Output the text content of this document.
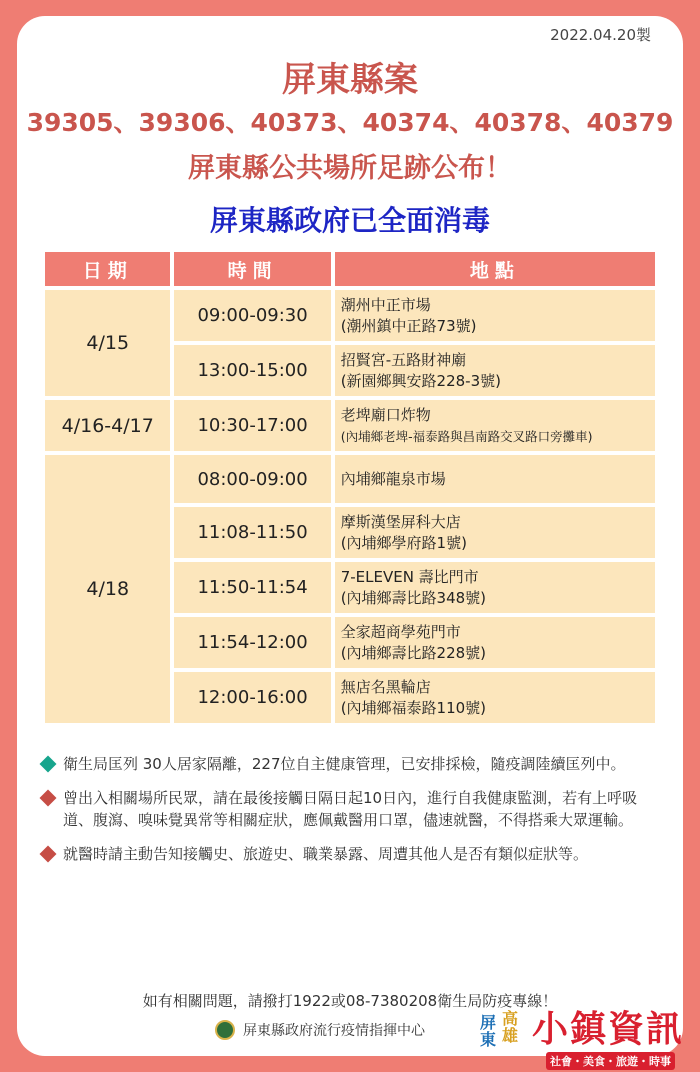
2022.04.20製
屏東縣案
39305、39306、40373、40374、40378、40379
屏東縣公共場所足跡公布！
屏東縣政府已全面消毒
日期	時間	地點
4/15	09:00-09:30	潮州中正市場
(潮州鎮中正路73號)

	13:00-15:00	招賢宮-五路財神廟
(新園鄉興安路228-3號)

4/16-4/17	10:30-17:00	老埤廟口炸物
(內埔鄉老埤-福泰路與昌南路交叉路口旁攤車)

4/18	08:00-09:00	內埔鄉龍泉市場

	11:08-11:50	摩斯漢堡屏科大店
(內埔鄉學府路1號)

	11:50-11:54	7-ELEVEN 壽比門市
(內埔鄉壽比路348號)

	11:54-12:00	全家超商學苑門市
(內埔鄉壽比路228號)

	12:00-16:00	無店名黑輪店
(內埔鄉福泰路110號)
衛生局匡列 30人居家隔離，227位自主健康管理，已安排採檢，隨疫調陸續匡列中。
曾出入相關場所民眾，請在最後接觸日隔日起10日內，進行自我健康監測，若有上呼吸道、腹瀉、嗅味覺異常等相關症狀，應佩戴醫用口罩，儘速就醫，不得搭乘大眾運輸。
就醫時請主動告知接觸史、旅遊史、職業暴露、周遭其他人是否有類似症狀等。
如有相關問題，請撥打1922或08-7380208衛生局防疫專線！
屏東縣政府流行疫情指揮中心	屏東
高雄 小鎮資訊
社會・美食・旅遊・時事
